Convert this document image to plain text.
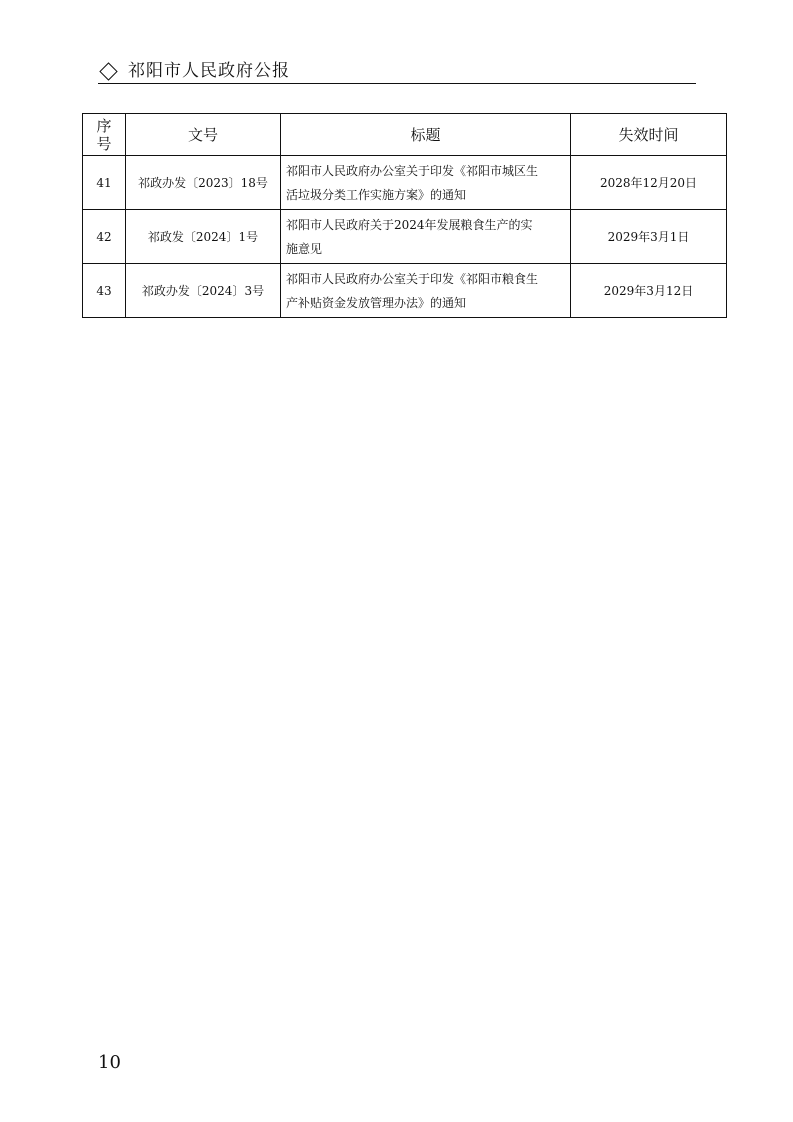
祁阳市人民政府公报
序
号	文号	标题	失效时间
41	祁政办发〔2023〕18号	祁阳市人民政府办公室关于印发《祁阳市城区生
活垃圾分类工作实施方案》的通知	2028年12月20日
42	祁政发〔2024〕1号	祁阳市人民政府关于2024年发展粮食生产的实
施意见	2029年3月1日
43	祁政办发〔2024〕3号	祁阳市人民政府办公室关于印发《祁阳市粮食生
产补贴资金发放管理办法》的通知	2029年3月12日
10
